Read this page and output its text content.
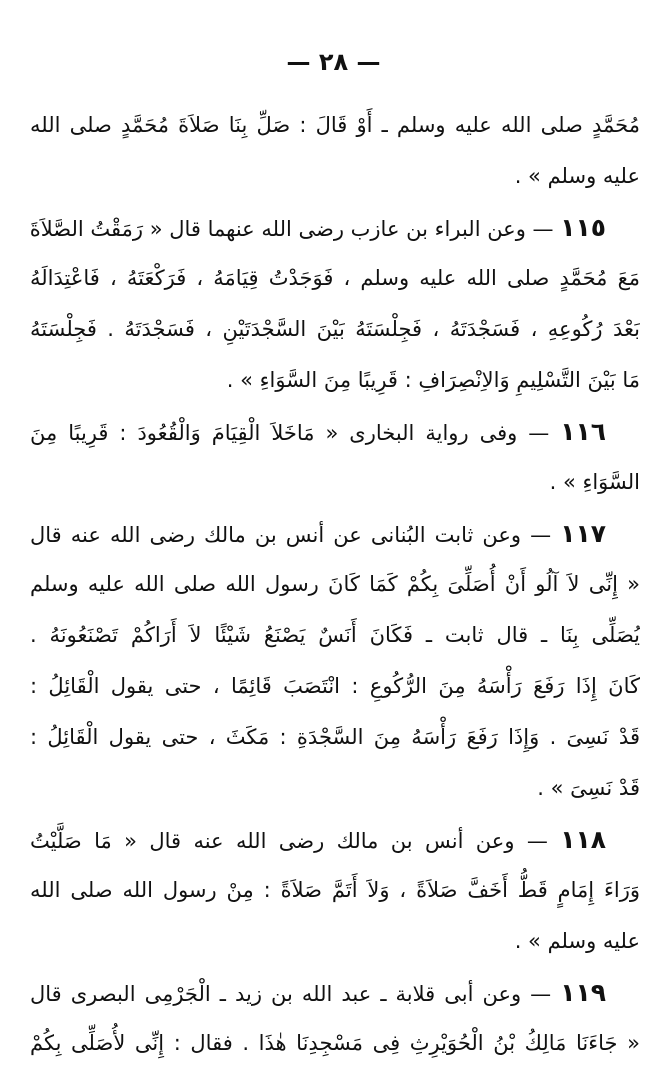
— ٢٨ —
مُحَمَّدٍ صلى الله عليه وسلم ـ أَوْ قَالَ : صَلِّ بِنَا صَلاَةَ مُحَمَّدٍ صلى الله
عليه وسلم » .
١١٥ — وعن البراء بن عازب رضى الله عنهما قال « رَمَقْتُ الصَّلاَةَ
مَعَ مُحَمَّدٍ صلى الله عليه وسلم ، فَوَجَدْتُ قِيَامَهُ ، فَرَكْعَتَهُ ، فَاعْتِدَالَهُ
بَعْدَ رُكُوعِهِ ، فَسَجْدَتَهُ ، فَجِلْسَتَهُ بَيْنَ السَّجْدَتَيْنِ ، فَسَجْدَتَهُ . فَجِلْسَتَهُ
مَا بَيْنَ التَّسْلِيمِ وَالاِنْصِرَافِ : قَرِيبًا مِنَ السَّوَاءِ » .
١١٦ — وفى رواية البخارى « مَاخَلاَ الْقِيَامَ وَالْقُعُودَ : قَرِيبًا مِنَ
السَّوَاءِ » .
١١٧ — وعن ثابت البُنانى عن أنس بن مالك رضى الله عنه قال
« إِنِّى لاَ آلُو أَنْ أُصَلِّىَ بِكُمْ كَمَا كَانَ رسول الله صلى الله عليه وسلم
يُصَلِّى بِنَا ـ قال ثابت ـ فَكَانَ أَنَسٌ يَصْنَعُ شَيْئًا لاَ أَرَاكُمْ تَصْنَعُونَهُ .
كَانَ إِذَا رَفَعَ رَأْسَهُ مِنَ الرُّكُوعِ : انْتَصَبَ قَائِمًا ، حتى يقول الْقَائِلُ :
قَدْ نَسِىَ . وَإِذَا رَفَعَ رَأْسَهُ مِنَ السَّجْدَةِ : مَكَثَ ، حتى يقول الْقَائِلُ :
قَدْ نَسِىَ » .
١١٨ — وعن أنس بن مالك رضى الله عنه قال « مَا صَلَّيْتُ
وَرَاءَ إِمَامٍ قَطُّ أَخَفَّ صَلاَةً ، وَلاَ أَتَمَّ صَلاَةً : مِنْ رسول الله صلى الله
عليه وسلم » .
١١٩ — وعن أبى قلابة ـ عبد الله بن زيد ـ الْجَرْمِى البصرى قال
« جَاءَنَا مَالِكُ بْنُ الْحُوَيْرِثِ فِى مَسْجِدِنَا هٰذَا . فقال : إِنِّى لأُصَلِّى بِكُمْ
